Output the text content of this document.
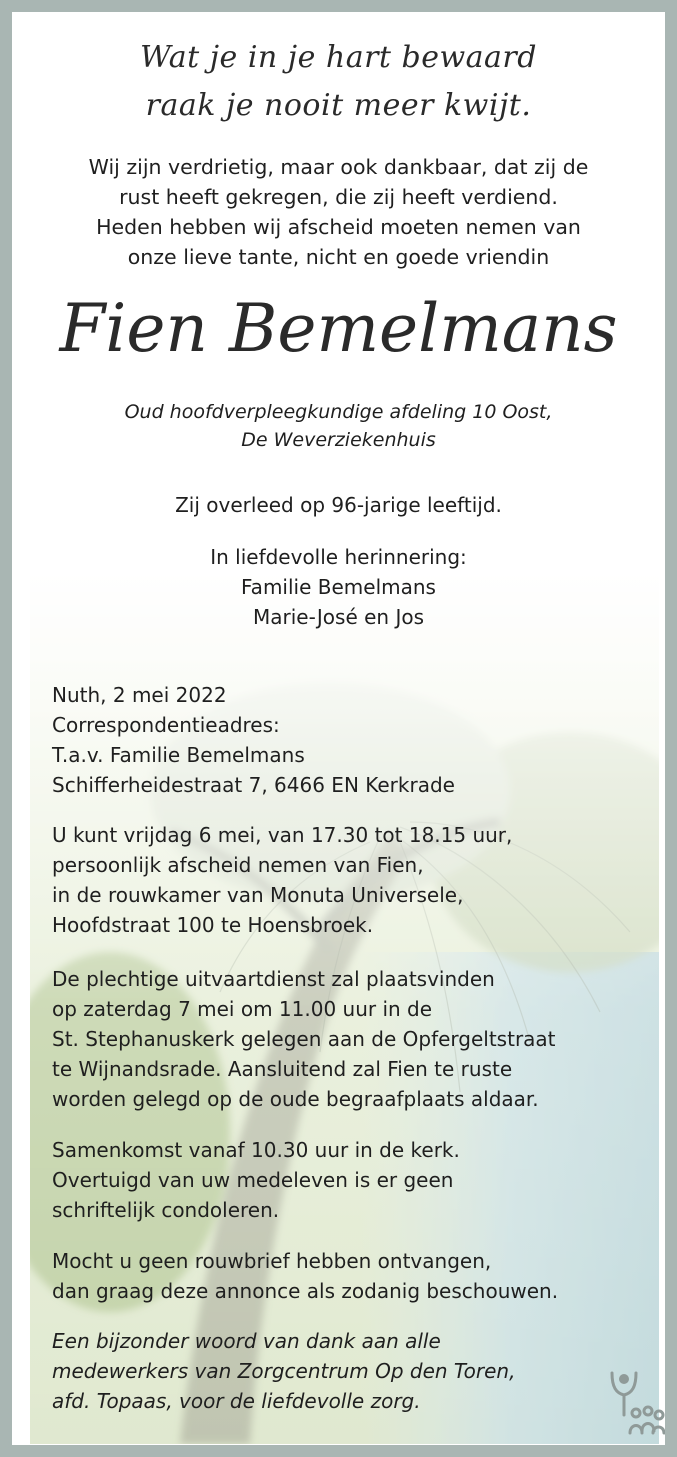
Wat je in je hart bewaard
raak je nooit meer kwijt.
Wij zijn verdrietig, maar ook dankbaar, dat zij de
rust heeft gekregen, die zij heeft verdiend.
Heden hebben wij afscheid moeten nemen van
onze lieve tante, nicht en goede vriendin
Fien Bemelmans
Oud hoofdverpleegkundige afdeling 10 Oost,
De Weverziekenhuis
Zij overleed op 96-jarige leeftijd.
In liefdevolle herinnering:
Familie Bemelmans
Marie-José en Jos
Nuth, 2 mei 2022
Correspondentieadres:
T.a.v. Familie Bemelmans
Schifferheidestraat 7, 6466 EN Kerkrade
U kunt vrijdag 6 mei, van 17.30 tot 18.15 uur,
persoonlijk afscheid nemen van Fien,
in de rouwkamer van Monuta Universele,
Hoofdstraat 100 te Hoensbroek.
De plechtige uitvaartdienst zal plaatsvinden
op zaterdag 7 mei om 11.00 uur in de
St. Stephanuskerk gelegen aan de Opfergeltstraat
te Wijnandsrade. Aansluitend zal Fien te ruste
worden gelegd op de oude begraafplaats aldaar.
Samenkomst vanaf 10.30 uur in de kerk.
Overtuigd van uw medeleven is er geen
schriftelijk condoleren.
Mocht u geen rouwbrief hebben ontvangen,
dan graag deze annonce als zodanig beschouwen.
Een bijzonder woord van dank aan alle
medewerkers van Zorgcentrum Op den Toren,
afd. Topaas, voor de liefdevolle zorg.
